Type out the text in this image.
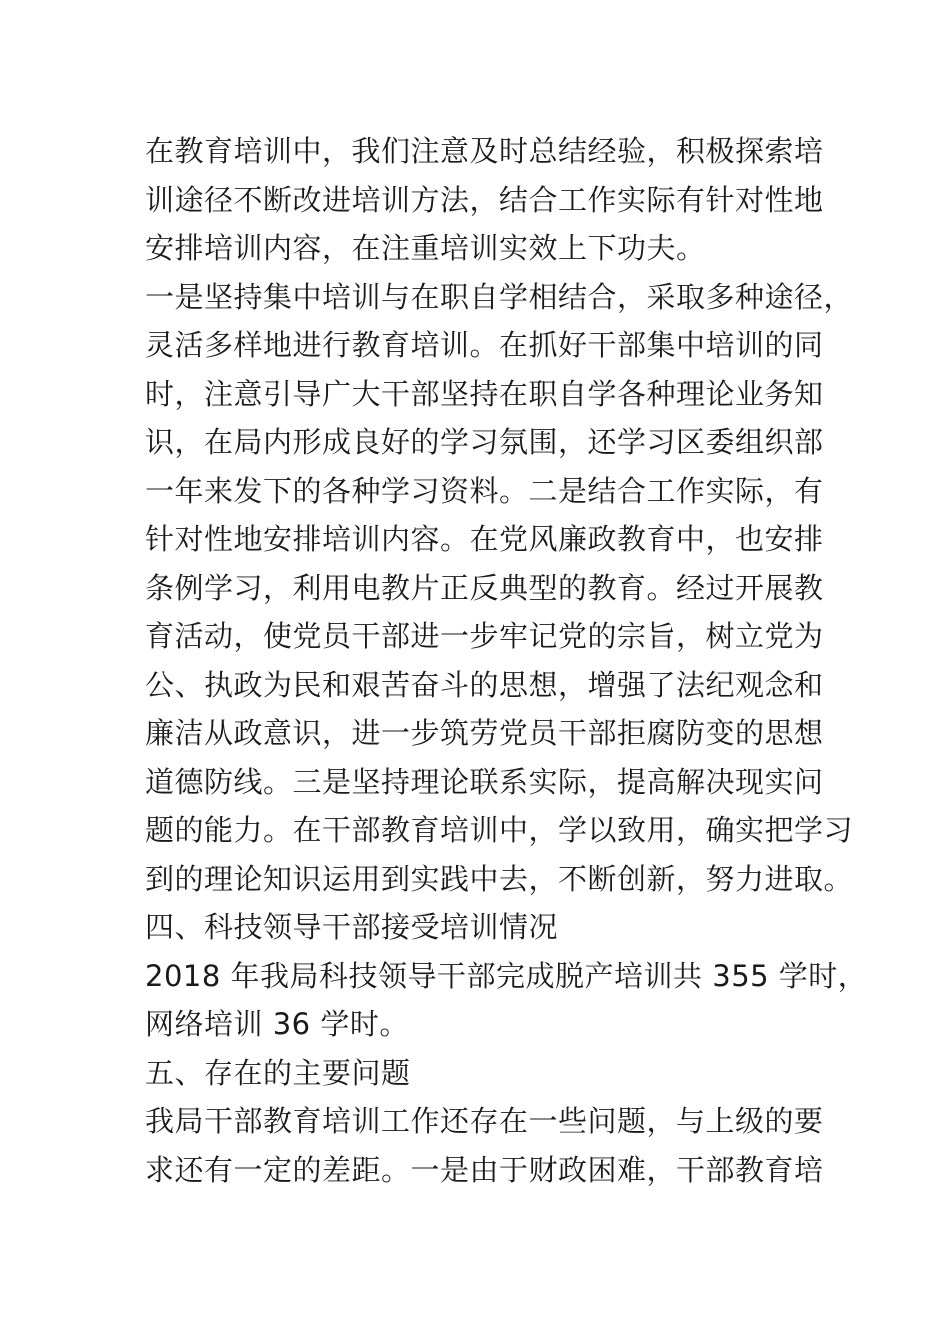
在教育培训中，我们注意及时总结经验，积极探索培
训途径不断改进培训方法，结合工作实际有针对性地
安排培训内容，在注重培训实效上下功夫。
一是坚持集中培训与在职自学相结合，采取多种途径，
灵活多样地进行教育培训。在抓好干部集中培训的同
时，注意引导广大干部坚持在职自学各种理论业务知
识，在局内形成良好的学习氛围，还学习区委组织部
一年来发下的各种学习资料。二是结合工作实际，有
针对性地安排培训内容。在党风廉政教育中，也安排
条例学习，利用电教片正反典型的教育。经过开展教
育活动，使党员干部进一步牢记党的宗旨，树立党为
公、执政为民和艰苦奋斗的思想，增强了法纪观念和
廉洁从政意识，进一步筑劳党员干部拒腐防变的思想
道德防线。三是坚持理论联系实际，提高解决现实问
题的能力。在干部教育培训中，学以致用，确实把学习
到的理论知识运用到实践中去，不断创新，努力进取。
四、科技领导干部接受培训情况
2018 年我局科技领导干部完成脱产培训共 355 学时，
网络培训 36 学时。
五、存在的主要问题
我局干部教育培训工作还存在一些问题，与上级的要
求还有一定的差距。一是由于财政困难，干部教育培
